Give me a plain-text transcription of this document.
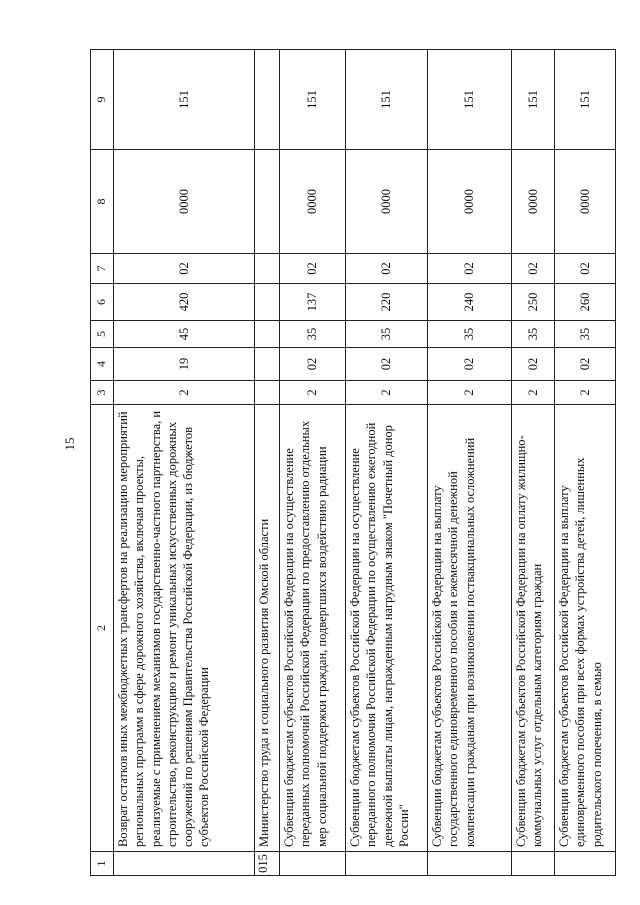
15
1	2	3	4	5	6	7	8	9
	Возврат остатков иных межбюджетных трансфертов на реализацию мероприятий региональных программ в сфере дорожного хозяйства, включая проекты, реализуемые с применением механизмов государственно-частного партнерства, и строительство, реконструкцию и ремонт уникальных искусственных дорожных сооружений по решениям Правительства Российской Федерации, из бюджетов субъектов Российской Федерации	2	19	45	420	02	0000	151
015	Министерство труда и социального развития Омской области							
	Субвенции бюджетам субъектов Российской Федерации на осуществление переданных полномочий Российской Федерации по предоставлению отдельных мер социальной поддержки граждан, подвергшихся воздействию радиации	2	02	35	137	02	0000	151
	Субвенции бюджетам субъектов Российской Федерации на осуществление переданного полномочия Российской Федерации по осуществлению ежегодной денежной выплаты лицам, награжденным нагрудным знаком "Почетный донор России"	2	02	35	220	02	0000	151
	Субвенции бюджетам субъектов Российской Федерации на выплату государственного единовременного пособия и ежемесячной денежной компенсации гражданам при возникновении поствакцинальных осложнений	2	02	35	240	02	0000	151
	Субвенции бюджетам субъектов Российской Федерации на оплату жилищно-коммунальных услуг отдельным категориям граждан	2	02	35	250	02	0000	151
	Субвенции бюджетам субъектов Российской Федерации на выплату единовременного пособия при всех формах устройства детей, лишенных родительского попечения, в семью	2	02	35	260	02	0000	151
